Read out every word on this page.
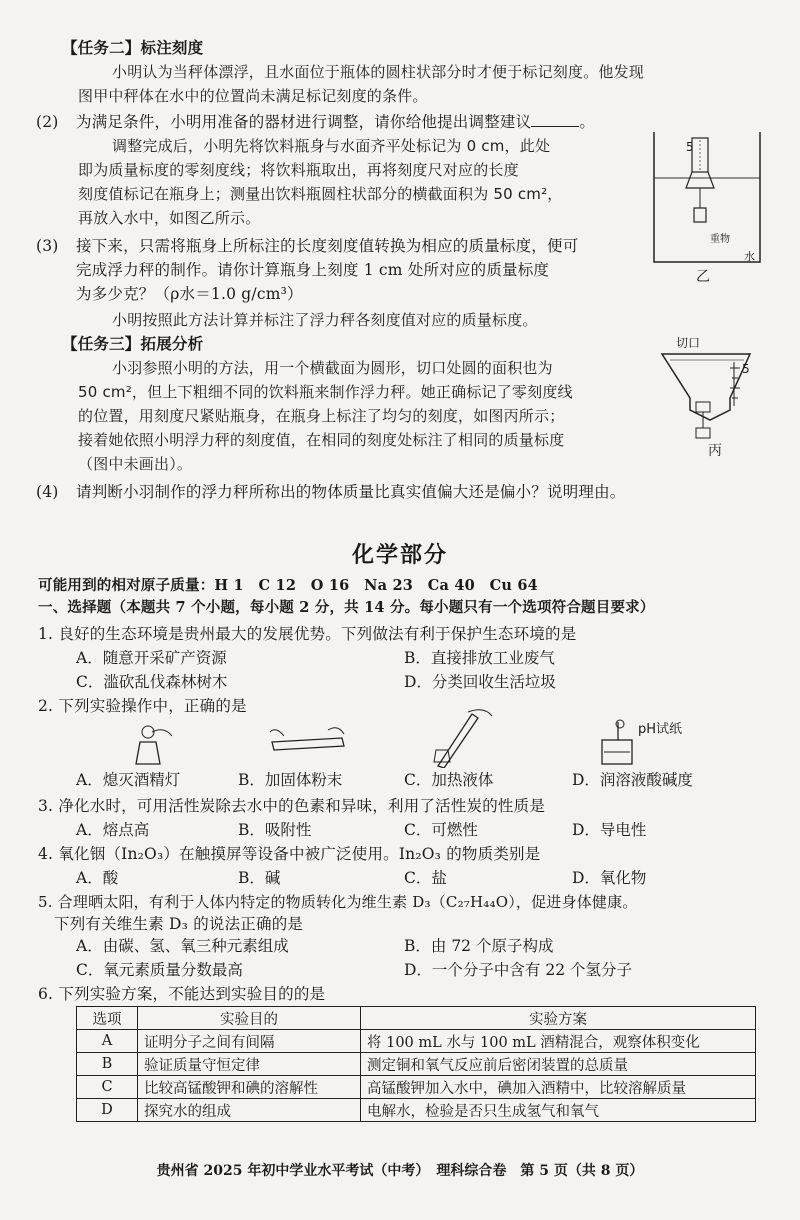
【任务二】标注刻度
小明认为当秤体漂浮，且水面位于瓶体的圆柱状部分时才便于标记刻度。他发现
图甲中秤体在水中的位置尚未满足标记刻度的条件。
(2) 为满足条件，小明用准备的器材进行调整，请你给他提出调整建议	。
调整完成后，小明先将饮料瓶身与水面齐平处标记为 0 cm，此处
即为质量标度的零刻度线；将饮料瓶取出，再将刻度尺对应的长度
刻度值标记在瓶身上；测量出饮料瓶圆柱状部分的横截面积为 50 cm²，
再放入水中，如图乙所示。
(3) 接下来，只需将瓶身上所标注的长度刻度值转换为相应的质量标度，便可
完成浮力秤的制作。请你计算瓶身上刻度 1 cm 处所对应的质量标度
为多少克？（ρ水＝1.0 g/cm³）
小明按照此方法计算并标注了浮力秤各刻度值对应的质量标度。
【任务三】拓展分析
小羽参照小明的方法，用一个横截面为圆形，切口处圆的面积也为
50 cm²，但上下粗细不同的饮料瓶来制作浮力秤。她正确标记了零刻度线
的位置，用刻度尺紧贴瓶身，在瓶身上标注了均匀的刻度，如图丙所示；
接着她依照小明浮力秤的刻度值，在相同的刻度处标注了相同的质量标度
（图中未画出）。
(4) 请判断小羽制作的浮力秤所称出的物体质量比真实值偏大还是偏小？说明理由。
5
重物
水
乙
切口
5
丙
化学部分
可能用到的相对原子质量：H 1　C 12　O 16　Na 23　Ca 40　Cu 64
一、选择题（本题共 7 个小题，每小题 2 分，共 14 分。每小题只有一个选项符合题目要求）
1. 良好的生态环境是贵州最大的发展优势。下列做法有利于保护生态环境的是
A．随意开采矿产资源	B．直接排放工业废气
C．滥砍乱伐森林树木	D．分类回收生活垃圾
2. 下列实验操作中，正确的是
pH试纸
A．熄灭酒精灯	B．加固体粉末	C．加热液体	D．润溶液酸碱度
3. 净化水时，可用活性炭除去水中的色素和异味，利用了活性炭的性质是
A．熔点高	B．吸附性	C．可燃性	D．导电性
4. 氧化铟（In₂O₃）在触摸屏等设备中被广泛使用。In₂O₃ 的物质类别是
A．酸	B．碱	C．盐	D．氧化物
5. 合理晒太阳，有利于人体内特定的物质转化为维生素 D₃（C₂₇H₄₄O），促进身体健康。
下列有关维生素 D₃ 的说法正确的是
A．由碳、氢、氧三种元素组成	B．由 72 个原子构成
C．氧元素质量分数最高	D．一个分子中含有 22 个氢分子
6. 下列实验方案，不能达到实验目的的是
选项	实验目的	实验方案
A	证明分子之间有间隔	将 100 mL 水与 100 mL 酒精混合，观察体积变化
B	验证质量守恒定律	测定铜和氧气反应前后密闭装置的总质量
C	比较高锰酸钾和碘的溶解性	高锰酸钾加入水中，碘加入酒精中，比较溶解质量
D	探究水的组成	电解水，检验是否只生成氢气和氧气
贵州省 2025 年初中学业水平考试（中考）　理科综合卷　第 5 页（共 8 页）
